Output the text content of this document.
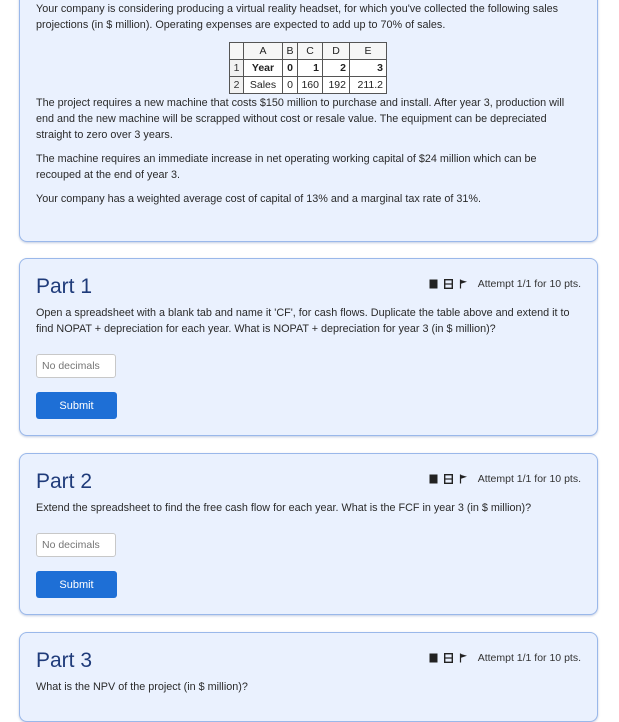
Your company is considering producing a virtual reality headset, for which you've collected the following sales projections (in $ million). Operating expenses are expected to add up to 70% of sales.

The project requires a new machine that costs $150 million to purchase and install. After year 3, production will end and the new machine will be scrapped without cost or resale value. The equipment can be depreciated straight to zero over 3 years.

The machine requires an immediate increase in net operating working capital of $24 million which can be recouped at the end of year 3.

Your company has a weighted average cost of capital of 13% and a marginal tax rate of 31%.

	A	B	C	D	E
1	Year	0	1	2	3
2	Sales	0	160	192	211.2
Part 1	Attempt 1/1 for 10 pts.

Open a spreadsheet with a blank tab and name it 'CF', for cash flows. Duplicate the table above and extend it to find NOPAT + depreciation for each year. What is NOPAT + depreciation for year 3 (in $ million)?

No decimals
Submit
Part 2	Attempt 1/1 for 10 pts.

Extend the spreadsheet to find the free cash flow for each year. What is the FCF in year 3 (in $ million)?

No decimals
Submit
Part 3	Attempt 1/1 for 10 pts.

What is the NPV of the project (in $ million)?
